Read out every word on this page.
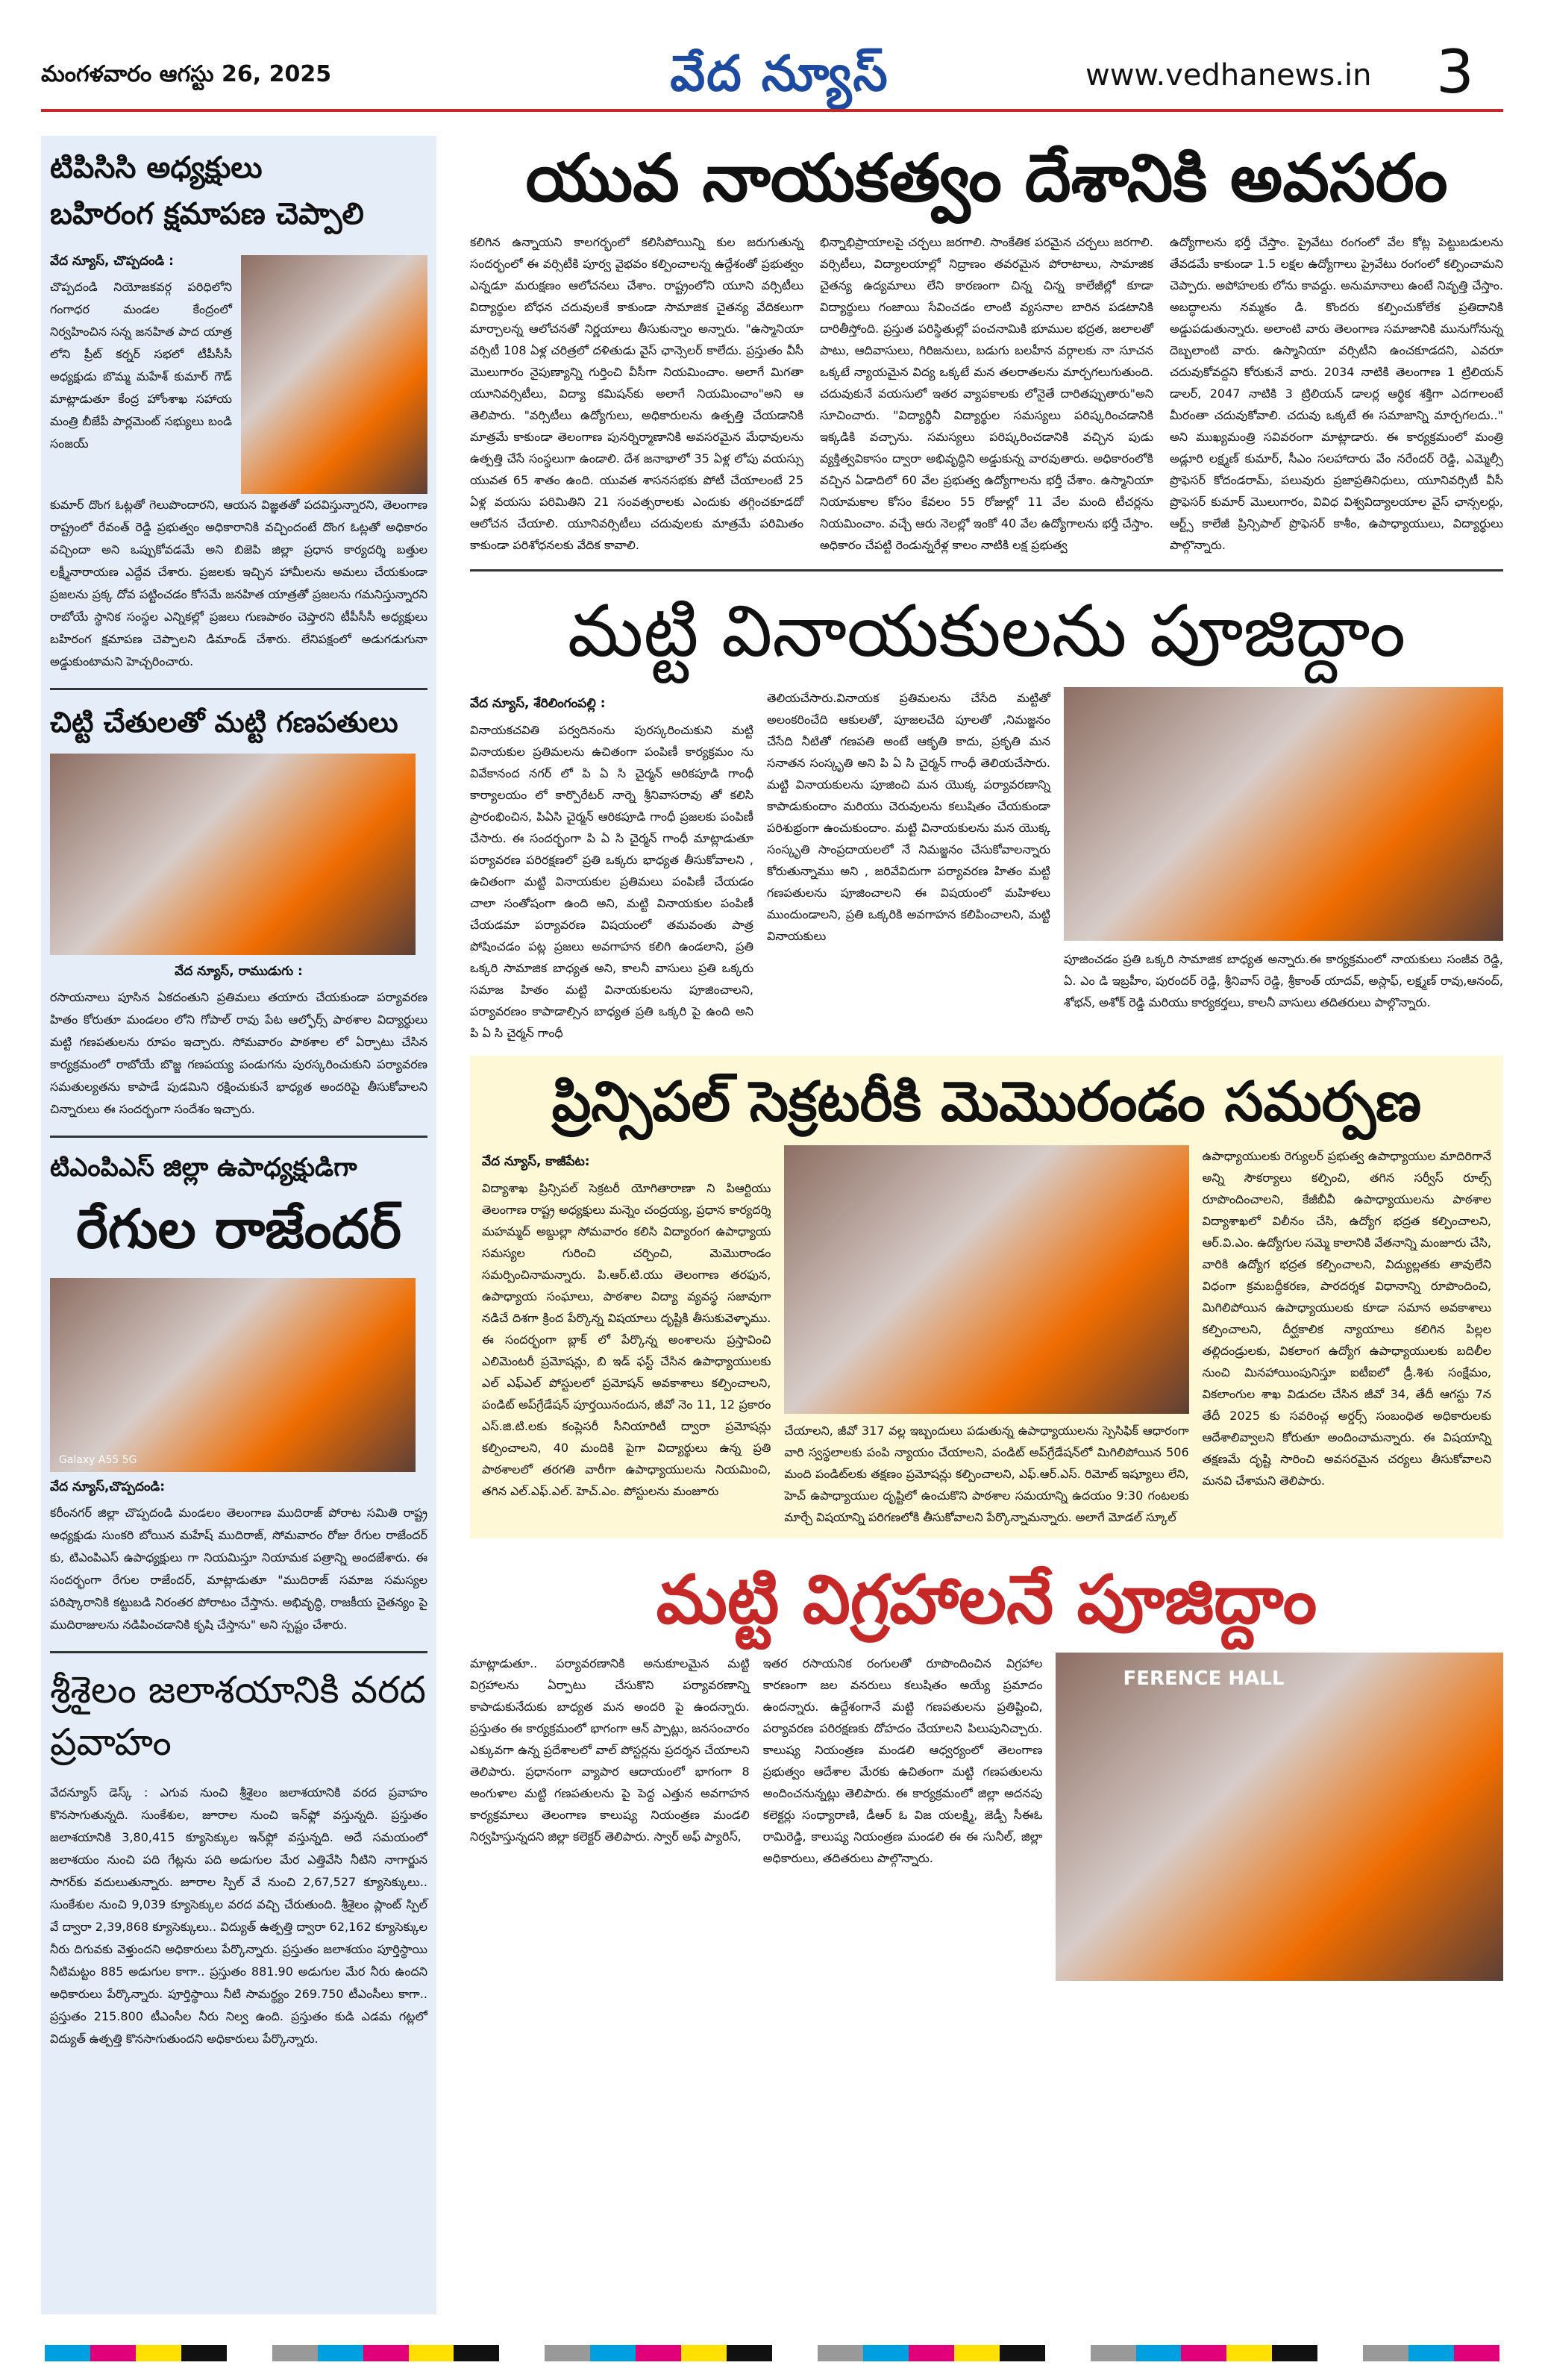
మంగళవారం ఆగస్టు 26, 2025	వేద న్యూస్	www.vedhanews.in 3
టిపిసిసి అధ్యక్షులు
బహిరంగ క్షమాపణ చెప్పాలి
వేద న్యూస్, చొప్పదండి :
చొప్పదండి నియోజకవర్గ పరిధిలోని గంగాధర మండల కేంద్రంలో నిర్వహించిన సన్న జనహిత పాద యాత్ర లోని ప్రీట్ కర్నర్ సభలో టీపీసీసీ అధ్యక్షుడు బొమ్మ మహేశ్ కుమార్ గౌడ్ మాట్లాడుతూ కేంద్ర హోంశాఖ సహాయ మంత్రి బీజేపీ పార్లమెంట్ సభ్యులు బండి సంజయ్
కుమార్ దొంగ ఓట్లతో గెలుపొందారని, ఆయన విజ్ఞతతో పదవిస్తున్నారని, తెలంగాణ రాష్ట్రంలో రేవంత్ రెడ్డి ప్రభుత్వం అధికారానికి వచ్చిందంటే దొంగ ఓట్లతో అధికారం వచ్చిందా అని ఒప్పుకోవడమే అని బిజెపి జిల్లా ప్రధాన కార్యదర్శి బత్తుల లక్ష్మీనారాయణ ఎద్దేవ చేశారు. ప్రజలకు ఇచ్చిన హామీలను అమలు చేయకుండా ప్రజలను ప్రక్క దోవ పట్టించడం కోసమే జనహిత యాత్రతో ప్రజలను గమనిస్తున్నారని రాబోయే స్థానిక సంస్థల ఎన్నికల్లో ప్రజలు గుణపాఠం చెప్తారని టీపీసీసీ అధ్యక్షులు బహిరంగ క్షమాపణ చెప్పాలని డిమాండ్ చేశారు. లేనిపక్షంలో అడుగడుగునా అడ్డుకుంటామని హెచ్చరించారు.
చిట్టి చేతులతో మట్టి గణపతులు
వేద న్యూస్, రాముడుగు :
రసాయనాలు పూసిన ఏకదంతుని ప్రతిమలు తయారు చేయకుండా పర్యావరణ హితం కోరుతూ మండలం లోని గోపాల్ రావు పేట ఆల్ఫోర్స్ పాఠశాల విద్యార్థులు మట్టి గణపతులను రూపం ఇచ్చారు. సోమవారం పాఠశాల లో ఏర్పాటు చేసిన కార్యక్రమంలో రాబోయే బొజ్జ గణపయ్య పండుగను పురస్కరించుకుని పర్యావరణ సమతుల్యతను కాపాడే పుడమిని రక్షించుకునే భాధ్యత అందరిపై తీసుకోవాలని చిన్నారులు ఈ సందర్భంగా సందేశం ఇచ్చారు.
టిఎంపిఎస్ జిల్లా ఉపాధ్యక్షుడిగా
రేగుల రాజేందర్
Galaxy A55 5G
వేద న్యూస్,చొప్పదండి:
కరీంనగర్ జిల్లా చొప్పదండి మండలం తెలంగాణ ముదిరాజ్ పోరాట సమితి రాష్ట్ర అధ్యక్షుడు సుంకరి బోయిన మహేష్ ముదిరాజ్, సోమవారం రోజు రేగుల రాజేందర్ కు, టిఎంపిఎస్ ఉపాధ్యక్షులు గా నియమిస్తూ నియామక పత్రాన్ని అందజేశారు. ఈ సందర్భంగా రేగుల రాజేందర్, మాట్లాడుతూ "ముదిరాజ్ సమాజ సమస్యల పరిష్కారానికి కట్టుబడి నిరంతర పోరాటం చేస్తాను. అభివృద్ధి, రాజకీయ చైతన్యం పై ముదిరాజులను నడిపించడానికి కృషి చేస్తాను" అని స్పష్టం చేశారు.
శ్రీశైలం జలాశయానికి వరద ప్రవాహం
వేదన్యూస్ డెస్క్ : ఎగువ నుంచి శ్రీశైలం జలాశయానికి వరద ప్రవాహం కొనసాగుతున్నది. సుంకేశుల, జూరాల నుంచి ఇన్‌ఫ్లో వస్తున్నది. ప్రస్తుతం జలాశయానికి 3,80,415 క్యూసెక్కుల ఇన్‌ఫ్లో వస్తున్నది. అదే సమయంలో జలాశయం నుంచి పది గేట్లను పది అడుగుల మేర ఎత్తివేసి నీటిని నాగార్జున సాగర్‌కు వదులుతున్నారు. జూరాల స్పిల్ వే నుంచి 2,67,527 క్యూసెక్కులు.. సుంకేశుల నుంచి 9,039 క్యూసెక్కుల వరద వచ్చి చేరుతుంది. శ్రీశైలం ప్లాంట్ స్పిల్ వే ద్వారా 2,39,868 క్యూసెక్కులు.. విద్యుత్ ఉత్పత్తి ద్వారా 62,162 క్యూసెక్కుల నీరు దిగువకు వెళ్తుందని అధికారులు పేర్కొన్నారు. ప్రస్తుతం జలాశయం పూర్తిస్థాయి నీటిమట్టం 885 అడుగుల కాగా.. ప్రస్తుతం 881.90 అడుగుల మేర నీరు ఉందని అధికారులు పేర్కొన్నారు. పూర్తిస్థాయి నీటి సామర్థ్యం 269.750 టీఎంసీలు కాగా.. ప్రస్తుతం 215.800 టీఎంసీల నీరు నిల్వ ఉంది. ప్రస్తుతం కుడి ఎడమ గట్లలో విద్యుత్ ఉత్పత్తి కొనసాగుతుందని అధికారులు పేర్కొన్నారు.
యువ నాయకత్వం దేశానికి అవసరం
కలిగిన ఉన్నాయని కాలగర్భంలో కలిసిపోయిన్ని కుల జరుగుతున్న సందర్భంలో ఈ వర్సిటీకి పూర్వ వైభవం కల్పించాలన్న ఉద్దేశంతో ప్రభుత్వం ఎన్నడూ మరుక్షణం ఆలోచనలు చేశాం. రాష్ట్రంలోని యూని వర్సిటీలు విద్యార్థుల బోధన చదువులకే కాకుండా సామాజిక చైతన్య వేదికలుగా మార్చాలన్న ఆలోచనతో నిర్ణయాలు తీసుకున్నాం అన్నారు. "ఉస్మానియా వర్సిటీ 108 ఏళ్ల చరిత్రలో దళితుడు వైస్ ఛాన్సెలర్ కాలేదు. ప్రస్తుతం వీసీ మొలుగారం నైపుణ్యాన్ని గుర్తించి వీసీగా నియమించాం. అలాగే మిగతా యూనివర్సిటీలు, విద్యా కమిషన్‌కు అలాగే నియమించాం"అని ఆ తెలిపారు. "వర్సిటీలు ఉద్యోగులు, అధికారులను ఉత్పత్తి చేయడానికి మాత్రమే కాకుండా తెలంగాణ పునర్నిర్మాణానికి అవసరమైన మేధావులను ఉత్పత్తి చేసే సంస్థలుగా ఉండాలి. దేశ జనాభాలో 35 ఏళ్ల లోపు వయస్సు యువత 65 శాతం ఉంది. యువత శాసనసభకు పోటీ చేయాలంటే 25 ఏళ్ల వయసు పరిమితిని 21 సంవత్సరాలకు ఎందుకు తగ్గించకూడదో ఆలోచన చేయాలి. యూనివర్సిటీలు చదువులకు మాత్రమే పరిమితం కాకుండా పరిశోధనలకు వేదిక కావాలి.
భిన్నాభిప్రాయాలపై చర్చలు జరగాలి. సాంకేతిక పరమైన చర్చలు జరగాలి. వర్సిటీలు, విద్యాలయాల్లో నిద్రాణం తవరమైన పోరాటాలు, సామాజిక చైతన్య ఉద్యమాలు లేని కారణంగా చిన్న చిన్న కాలేజీల్లో కూడా విద్యార్థులు గంజాయి సేవించడం లాంటి వ్యసనాల బారిన పడటానికి దారితీస్తోంది. ప్రస్తుత పరిస్థితుల్లో పంచనామికి భూముల భద్రత, జలాలతో పాటు, ఆదివాసులు, గిరిజనులు, బడుగు బలహీన వర్గాలకు నా సూచన ఒక్కటే న్యాయమైన విద్య ఒక్కటే మన తలరాతలను మార్చగలుగుతుంది. చదువుకునే వయసులో ఇతర వ్యాపకాలకు లోనైతే దారితప్పుతారు"అని సూచించారు. "విద్యార్థినీ విద్యార్థుల సమస్యలు పరిష్కరించడానికి ఇక్కడికి వచ్చాను. సమస్యలు పరిష్కరించడానికి వచ్చిన పుడు వ్యక్తిత్వవికాసం ద్వారా అభివృద్ధిని అడ్డుకున్న వారవుతారు. అధికారంలోకి వచ్చిన ఏడాదిలో 60 వేల ప్రభుత్వ ఉద్యోగాలను భర్తీ చేశాం. ఉస్మానియా నియామకాల కోసం కేవలం 55 రోజుల్లో 11 వేల మంది టీచర్లను నియమించాం. వచ్చే ఆరు నెలల్లో ఇంకో 40 వేల ఉద్యోగాలను భర్తీ చేస్తాం. అధికారం చేపట్టి రెండున్నరేళ్ల కాలం నాటికి లక్ష ప్రభుత్వ
ఉద్యోగాలను భర్తీ చేస్తాం. ప్రైవేటు రంగంలో వేల కోట్ల పెట్టుబడులను తేవడమే కాకుండా 1.5 లక్షల ఉద్యోగాలు ప్రైవేటు రంగంలో కల్పించామని చెప్పారు. అపోహలకు లోను కావద్దు. అనుమానాలు ఉంటే నివృత్తి చేస్తాం. అబద్ధాలను నమ్మకం డి. కొందరు కల్పించుకోలేక ప్రతిదానికి అడ్డుపడుతున్నారు. అలాంటి వారు తెలంగాణ సమాజానికి మునుగోనున్న దెబ్బలాంటి వారు. ఉస్మానియా వర్సిటీని ఉంచకూడదని, ఎవరూ చదువుకోవద్దని కోరుకునే వారు. 2034 నాటికి తెలంగాణ 1 ట్రిలియన్ డాలర్, 2047 నాటికి 3 ట్రిలియన్ డాలర్ల ఆర్థిక శక్తిగా ఎదగాలంటే మీరంతా చదువుకోవాలి. చదువు ఒక్కటే ఈ సమాజాన్ని మార్చగలదు.." అని ముఖ్యమంత్రి సవివరంగా మాట్లాడారు. ఈ కార్యక్రమంలో మంత్రి అడ్లూరి లక్ష్మణ్ కుమార్, సీఎం సలహాదారు వేం నరేందర్ రెడ్డి, ఎమ్మెల్సీ ప్రొఫెసర్ కోదండరామ్, పలువురు ప్రజాప్రతినిధులు, యూనివర్సిటీ వీసీ ప్రొఫెసర్ కుమార్ మొలుగారం, వివిధ విశ్వవిద్యాలయాల వైస్ ఛాన్సలర్లు, ఆర్ట్స్ కాలేజీ ప్రిన్సిపాల్ ప్రొఫెసర్ కాశీం, ఉపాధ్యాయులు, విద్యార్థులు పాల్గొన్నారు.
మట్టి వినాయకులను పూజిద్దాం
వేద న్యూస్, శేరిలింగంపల్లి :
వినాయకచవితి పర్వదినంను పురస్కరించుకుని మట్టి వినాయకుల ప్రతిమలను ఉచితంగా పంపిణీ కార్యక్రమం ను వివేకానంద నగర్ లో పి ఏ సి చైర్మన్ ఆరికపూడి గాంధీ కార్యాలయం లో కార్పొరేటర్ నార్నె శ్రీనివాసరావు తో కలిసి ప్రారంభించిన, పిఏసి చైర్మన్ ఆరికపూడి గాంధీ ప్రజలకు పంపిణీ చేసారు. ఈ సందర్భంగా పి ఏ సి చైర్మన్ గాంధీ మాట్లాడుతూ పర్యావరణ పరిరక్షణలో ప్రతి ఒక్కరు భాధ్యత తీసుకోవాలని , ఉచితంగా మట్టి వినాయకుల ప్రతిమలు పంపిణీ చేయడం చాలా సంతోషంగా ఉంది అని, మట్టి వినాయకుల పంపిణీ చేయడమా పర్యావరణ విషయంలో తమవంతు పాత్ర పోషించడం పట్ల ప్రజలు అవగాహన కలిగి ఉండలాని, ప్రతి ఒక్కరి సామాజిక బాధ్యత అని, కాలనీ వాసులు ప్రతి ఒక్కరు సమాజ హితం మట్టి వినాయకులను పూజించాలని, పర్యావరణం కాపాడాల్సిన బాధ్యత ప్రతి ఒక్కరి పై ఉంది అని పి ఏ సి చైర్మన్ గాంధీ
తెలియచేసారు.వినాయక ప్రతిమలను చేసేది మట్టితో అలంకరించేది ఆకులతో, పూజలచేది పూలతో ,నిమజ్జనం చేసేది నీటితో గణపతి అంటే ఆకృతి కాదు, ప్రకృతి మన సనాతన సంస్కృతి అని పి ఏ సి చైర్మన్ గాంధీ తెలియచేసారు. మట్టి వినాయకులను పూజించి మన యొక్క పర్యావరణాన్ని కాపాడుకుందాం మరియు చెరువులను కలుషితం చేయకుండా పరిశుభ్రంగా ఉంచుకుందాం. మట్టి వినాయకులను మన యొక్క సంస్కృతి సాంప్రదాయలలో నే నిమజ్జనం చేసుకోవాలన్నారు కోరుతున్నాము అని , జరివేవిదుగా పర్యావరణ హితం మట్టి గణపతులను పూజించాలని ఈ విషయంలో మహిళలు ముందుండాలని, ప్రతి ఒక్కరికి అవగాహన కలిపించాలని, మట్టి వినాయకులు
పూజించడం ప్రతి ఒక్కరి సామాజిక బాధ్యత అన్నారు.ఈ కార్యక్రమంలో నాయకులు సంజీవ రెడ్డి, ఏ. ఎం డి ఇబ్రహీం, పురందర్ రెడ్డి, శ్రీనివాస్ రెడ్డి, శ్రీకాంత్ యాదవ్, అస్లాఫ్, లక్ష్మణ్ రావు,ఆనంద్, శోభన్, అశోక్ రెడ్డి మరియు కార్యకర్తలు, కాలనీ వాసులు తదితరులు పాల్గొన్నారు.
ప్రిన్సిపల్ సెక్రటరీకి మెమొరండం సమర్పణ
వేద న్యూస్, కాజీపేట:
విద్యాశాఖ ప్రిన్సిపల్ సెక్రటరీ యోగితారాణా ని పిఆర్టియు తెలంగాణ రాష్ట్ర అధ్యక్షులు మన్నెం చంద్రయ్య, ప్రధాన కార్యదర్శి మహమ్మద్ అబ్దుల్లా సోమవారం కలిసి విద్యారంగ ఉపాధ్యాయ సమస్యల గురించి చర్చించి, మెమొరాండం సమర్పించినామన్నారు. పి.ఆర్.టి.యు తెలంగాణ తరఫున, ఉపాధ్యాయ సంఘాలు, పాఠశాల విద్యా వ్యవస్థ సజావుగా నడిచే దిశగా క్రింద పేర్కొన్న విషయాలు దృష్టికి తీసుకువెళ్ళాము. ఈ సందర్భంగా బ్లాక్‌ లో పేర్కొన్న అంశాలను ప్రస్తావించి ఎలిమెంటరీ ప్రమోషన్లు, బి ఇడ్ ఫస్ట్ చేసిన ఉపాధ్యాయులకు ఎల్ ఎఫ్ఎల్ పోస్టులలో ప్రమోషన్ అవకాశాలు కల్పించాలని, పండిట్ అప్‌గ్రేడేషన్ పూర్తయినందున, జీవో నెం 11, 12 ప్రకారం ఎస్.జి.టి.లకు కంప్లెసరీ సీనియారిటీ ద్వారా ప్రమోషన్లు కల్పించాలని, 40 మందికి పైగా విద్యార్థులు ఉన్న ప్రతి పాఠశాలలో తరగతి వారీగా ఉపాధ్యాయులను నియమించి, తగిన ఎల్.ఎఫ్.ఎల్. హెచ్.ఎం. పోస్టులను మంజూరు
చేయాలని, జీవో 317 వల్ల ఇబ్బందులు పడుతున్న ఉపాధ్యాయులను స్పెసిఫిక్ ఆధారంగా వారి స్వస్థలాలకు పంపి న్యాయం చేయాలని, పండిట్ అప్‌గ్రేడేషన్‌లో మిగిలిపోయిన 506 మంది పండిట్‌లకు తక్షణం ప్రమోషన్లు కల్పించాలని, ఎఫ్.ఆర్.ఎస్. రిమోట్ ఇష్యూలు లేని, హెచ్ ఉపాధ్యాయుల దృష్టిలో ఉంచుకొని పాఠశాల సమయాన్ని ఉదయం 9:30 గంటలకు మార్చే విషయాన్ని పరిగణలోకి తీసుకోవాలని పేర్కొన్నామన్నారు. అలాగే మోడల్ స్కూల్
ఉపాధ్యాయులకు రెగ్యులర్ ప్రభుత్వ ఉపాధ్యాయుల మాదిరిగానే అన్ని సౌకర్యాలు కల్పించి, తగిన సర్వీస్ రూల్స్ రూపొందించాలని, కేజీబీవీ ఉపాధ్యాయులను పాఠశాల విద్యాశాఖలో విలీనం చేసి, ఉద్యోగ భద్రత కల్పించాలని, ఆర్.వి.ఎం. ఉద్యోగుల సమ్మె కాలానికి వేతనాన్ని మంజూరు చేసి, వారికి ఉద్యోగ భద్రత కల్పించాలని, విద్యుల్లతకు తావులేని విధంగా క్రమబద్ధీకరణ, పారదర్శక విధానాన్ని రూపొందించి, మిగిలిపోయిన ఉపాధ్యాయులకు కూడా సమాన అవకాశాలు కల్పించాలని, దీర్ఘకాలిక న్యాయాలు కలిగిన పిల్లల తల్లిదండ్రులకు, వికలాంగ ఉద్యోగ ఉపాధ్యాయులకు బదిలీల నుంచి మినహాయింపునిస్తూ ఐటీఐలో డ్రీ.శిశు సంక్షేమం, వికలాంగుల శాఖ విడుదల చేసిన జీవో 34, తేదీ ఆగస్టు 7న తేదీ 2025 కు సవరించ్గ అర్డర్స్ సంబంధిత అధికారులకు ఆదేశాలివ్వాలని కోరుతూ అందించామన్నారు. ఈ విషయాన్ని తక్షణమే దృష్టి సారించి అవసరమైన చర్యలు తీసుకోవాలని మనవి చేశామని తెలిపారు.
మట్టి విగ్రహాలనే పూజిద్దాం
మాట్లాడుతూ.. పర్యావరణానికి అనుకూలమైన మట్టి విగ్రహాలను ఏర్పాటు చేసుకొని పర్యావరణాన్ని కాపాడుకునేదుకు బాధ్యత మన అందరి పై ఉందన్నారు. ప్రస్తుతం ఈ కార్యక్రమంలో భాగంగా ఆన్ ప్పాట్లు, జనసంచారం ఎక్కువగా ఉన్న ప్రదేశాలలో వాల్ పోస్టర్లను ప్రదర్శన చేయాలని తెలిపారు. ప్రధానంగా వ్యాపార ఆదాయంలో భాగంగా 8 అంగుళాల మట్టి గణపతులను పై పెద్ద ఎత్తున అవగాహన కార్యక్రమాలు తెలంగాణ కాలుష్య నియంత్రణ మండలి నిర్వహిస్తున్నదని జిల్లా కలెక్టర్ తెలిపారు. స్వార్ అఫ్ ప్యారిస్,
ఇతర రసాయనిక రంగులతో రూపొందించిన విగ్రహాల కారణంగా జల వనరులు కలుషితం అయ్యే ప్రమాదం ఉందన్నారు. ఉద్దేశంగానే మట్టి గణపతులను ప్రతిష్టించి, పర్యావరణ పరిరక్షణకు దోహదం చేయాలని పిలుపునిచ్చారు. కాలుష్య నియంత్రణ మండలి ఆధ్వర్యంలో తెలంగాణ ప్రభుత్వం ఆదేశాల మేరకు ఉచితంగా మట్టి గణపతులను అందించనున్నట్లు తెలిపారు. ఈ కార్యక్రమంలో జిల్లా అదనపు కలెక్టర్లు సంధ్యారాణి, డీఆర్ ఓ విజ యలక్ష్మి, జెడ్పీ సీఈఓ రామిరెడ్డి, కాలుష్య నియంత్రణ మండలి ఈ ఈ సునీల్, జిల్లా అధికారులు, తదితరులు పాల్గొన్నారు.
FERENCE HALL
